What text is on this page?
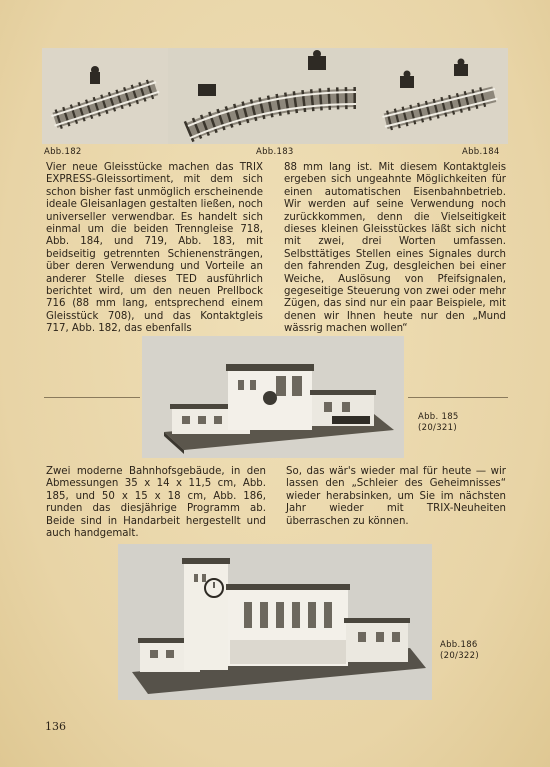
Abb.182	Abb.183	Abb.184

Vier neue Gleisstücke machen das TRIX EXPRESS-Gleissortiment, mit dem sich schon bisher fast unmöglich erscheinende ideale Gleisanlagen gestalten ließen, noch universeller verwendbar. Es handelt sich einmal um die beiden Trenngleise 718, Abb. 184, und 719, Abb. 183, mit beidseitig getrennten Schienensträngen, über deren Verwendung und Vorteile an anderer Stelle dieses TED ausführlich berichtet wird, um den neuen Prellbock 716 (88 mm lang, entsprechend einem Gleisstück 708), und das Kontaktgleis 717, Abb. 182, das ebenfalls

88 mm lang ist. Mit diesem Kontaktgleis ergeben sich ungeahnte Möglichkeiten für einen automatischen Eisenbahnbetrieb. Wir werden auf seine Verwendung noch zurückkommen, denn die Vielseitigkeit dieses kleinen Gleisstückes läßt sich nicht mit zwei, drei Worten umfassen. Selbsttätiges Stellen eines Signales durch den fahrenden Zug, desgleichen bei einer Weiche, Auslösung von Pfeifsignalen, gegeseitige Steuerung von zwei oder mehr Zügen, das sind nur ein paar Beispiele, mit denen wir Ihnen heute nur den „Mund wässrig machen wollen“

Abb. 185
(20/321)

Zwei moderne Bahnhofsgebäude, in den Abmessungen 35 x 14 x 11,5 cm, Abb. 185, und 50 x 15 x 18 cm, Abb. 186, runden das diesjährige Programm ab. Beide sind in Handarbeit hergestellt und auch handgemalt.

So, das wär's wieder mal für heute — wir lassen den „Schleier des Geheimnisses“ wieder herabsinken, um Sie im nächsten Jahr wieder mit TRIX-Neuheiten überraschen zu können.

Abb.186
(20/322)
136
